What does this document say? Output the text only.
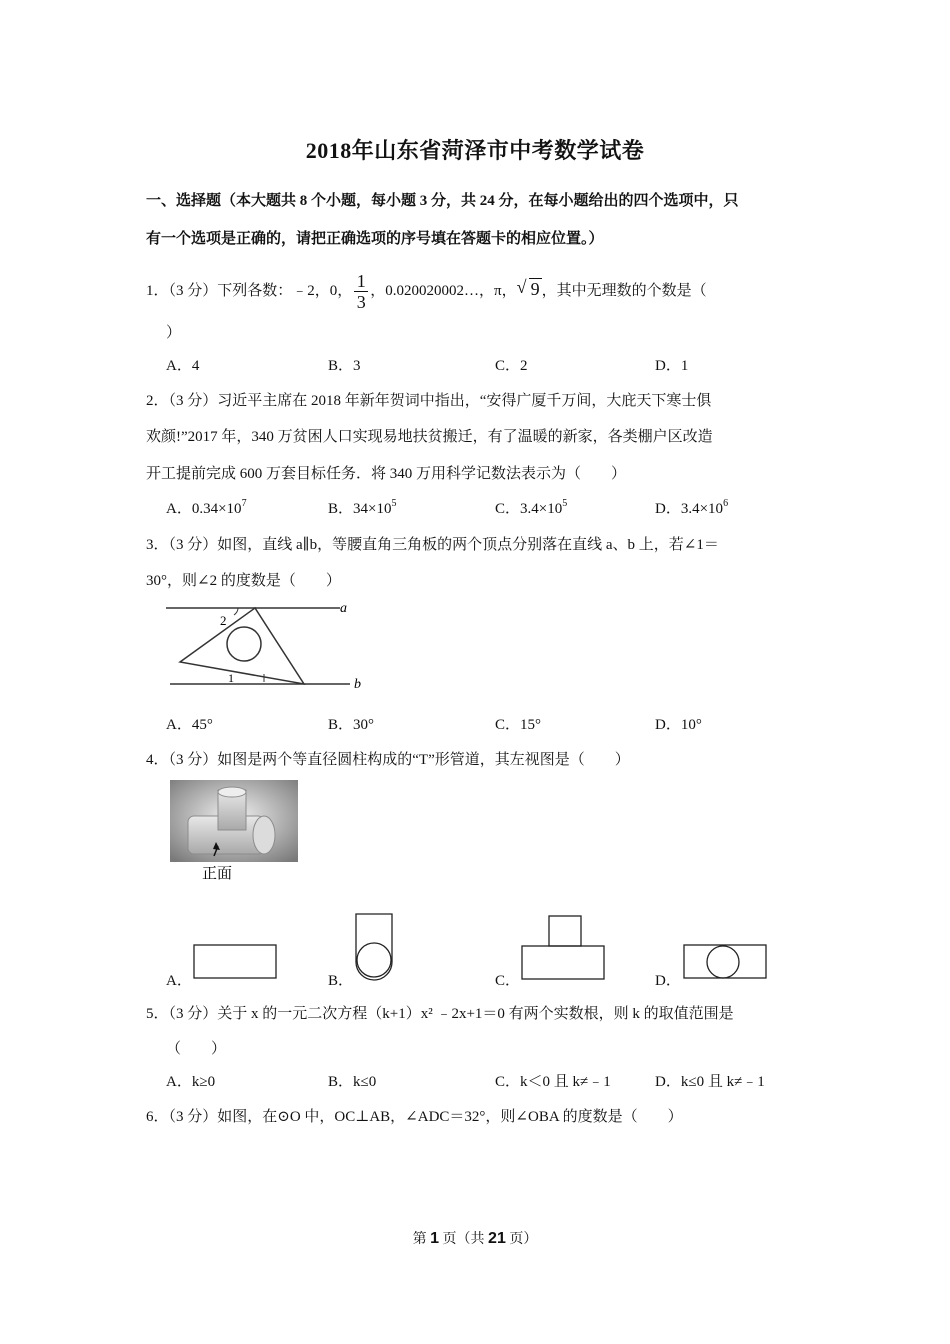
2018年山东省菏泽市中考数学试卷
一、选择题（本大题共 8 个小题，每小题 3 分，共 24 分，在每小题给出的四个选项中，只
有一个选项是正确的，请把正确选项的序号填在答题卡的相应位置。）
1．（3 分）下列各数：﹣2，0， $\frac{1}{3}$ ，0.020020002…，π， √ 9 ，其中无理数的个数是（
）
A．4	B．3	C．2	D．1
2．（3 分）习近平主席在 2018 年新年贺词中指出，“安得广厦千万间，大庇天下寒士俱
欢颜!”2017 年，340 万贫困人口实现易地扶贫搬迁，有了温暖的新家，各类棚户区改造
开工提前完成 600 万套目标任务．将 340 万用科学记数法表示为（　　）
A．$0.34\times 10^7$	B．$34\times 10^5$	C．$3.4\times 10^5$	D．$3.4\times 10^6$
3．（3 分）如图，直线 a∥b，等腰直角三角板的两个顶点分别落在直线 a、b 上，若∠1＝
30°，则∠2 的度数是（　　）
a
b
2
1
A．45°	B．30°	C．15°	D．10°
4．（3 分）如图是两个等直径圆柱构成的“T”形管道，其左视图是（　　）
正面
A．	B．	C．	D．
5．（3 分）关于 x 的一元二次方程（k+1）x² ﹣2x+1＝0 有两个实数根，则 k 的取值范围是
（　　）
A．k≥0	B．k≤0	C．k＜0 且 k≠﹣1	D．k≤0 且 k≠﹣1
6．（3 分）如图，在⊙O 中，OC⊥AB，∠ADC＝32°，则∠OBA 的度数是（　　）
第 1 页（共 21 页）
